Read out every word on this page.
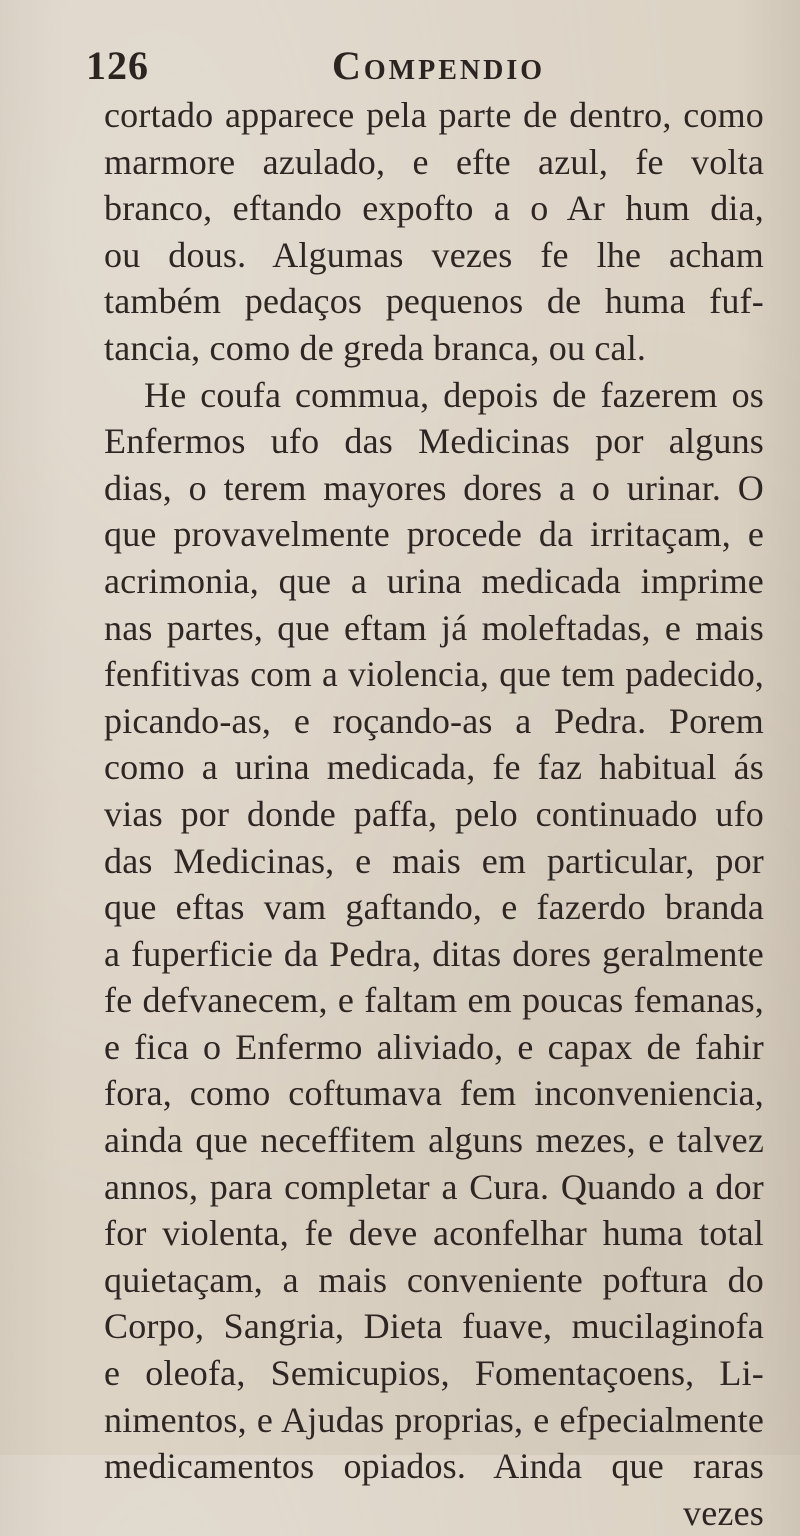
126	Compendio
cortado apparece pela parte de dentro, como
marmore azulado, e efte azul, fe volta
branco, eftando expofto a o Ar hum dia,
ou dous. Algumas vezes fe lhe acham
também pedaços pequenos de huma fuf-
tancia, como de greda branca, ou cal.
He coufa commua, depois de fazerem os
Enfermos ufo das Medicinas por alguns
dias, o terem mayores dores a o urinar. O
que provavelmente procede da irritaçam, e
acrimonia, que a urina medicada imprime
nas partes, que eftam já moleftadas, e mais
fenfitivas com a violencia, que tem padecido,
picando-as, e roçando-as a Pedra. Porem
como a urina medicada, fe faz habitual ás
vias por donde paffa, pelo continuado ufo
das Medicinas, e mais em particular, por
que eftas vam gaftando, e fazerdo branda
a fuperficie da Pedra, ditas dores geralmente
fe defvanecem, e faltam em poucas femanas,
e fica o Enfermo aliviado, e capax de fahir
fora, como coftumava fem inconveniencia,
ainda que neceffitem alguns mezes, e talvez
annos, para completar a Cura. Quando a dor
for violenta, fe deve aconfelhar huma total
quietaçam, a mais conveniente poftura do
Corpo, Sangria, Dieta fuave, mucilaginofa
e oleofa, Semicupios, Fomentaçoens, Li-
nimentos, e Ajudas proprias, e efpecialmente
medicamentos opiados. Ainda que raras
vezes
